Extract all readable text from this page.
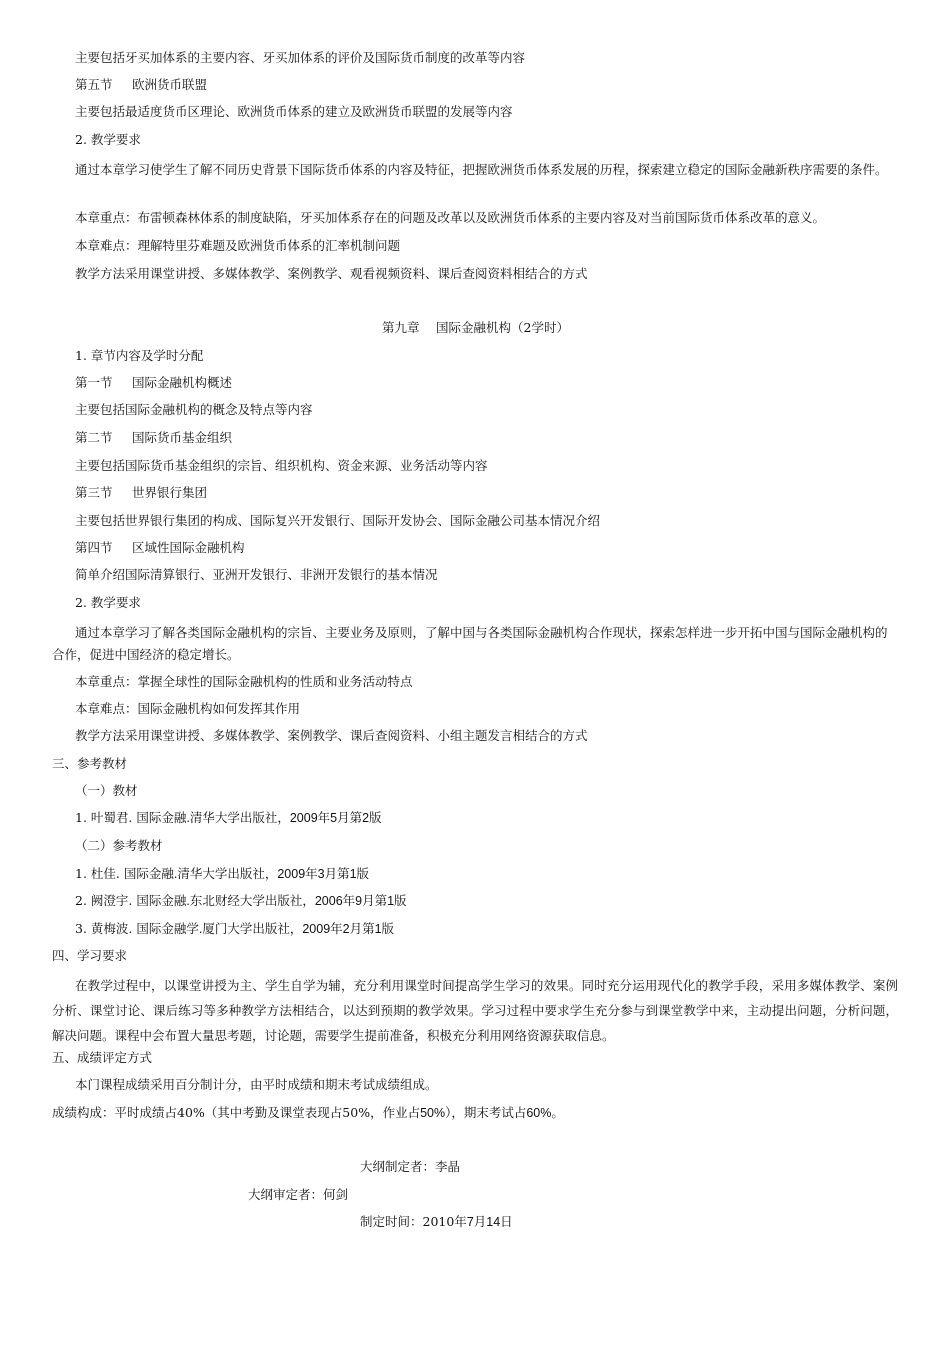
主要包括牙买加体系的主要内容、牙买加体系的评价及国际货币制度的改革等内容
第五节 欧洲货币联盟
主要包括最适度货币区理论、欧洲货币体系的建立及欧洲货币联盟的发展等内容
2. 教学要求
通过本章学习使学生了解不同历史背景下国际货币体系的内容及特征，把握欧洲货币体系发展的历程，探索建立稳定的国际金融新秩序需要的条件。
本章重点：布雷顿森林体系的制度缺陷，牙买加体系存在的问题及改革以及欧洲货币体系的主要内容及对当前国际货币体系改革的意义。
本章难点：理解特里芬难题及欧洲货币体系的汇率机制问题
教学方法采用课堂讲授、多媒体教学、案例教学、观看视频资料、课后查阅资料相结合的方式
第九章　 国际金融机构（2学时）
1. 章节内容及学时分配
第一节 国际金融机构概述
主要包括国际金融机构的概念及特点等内容
第二节 国际货币基金组织
主要包括国际货币基金组织的宗旨、组织机构、资金来源、业务活动等内容
第三节 世界银行集团
主要包括世界银行集团的构成、国际复兴开发银行、国际开发协会、国际金融公司基本情况介绍
第四节 区域性国际金融机构
简单介绍国际清算银行、亚洲开发银行、非洲开发银行的基本情况
2. 教学要求
通过本章学习了解各类国际金融机构的宗旨、主要业务及原则，了解中国与各类国际金融机构合作现状，探索怎样进一步开拓中国与国际金融机构的合作，促进中国经济的稳定增长。
本章重点：掌握全球性的国际金融机构的性质和业务活动特点
本章难点：国际金融机构如何发挥其作用
教学方法采用课堂讲授、多媒体教学、案例教学、课后查阅资料、小组主题发言相结合的方式
三、参考教材
（一）教材
1. 叶蜀君. 国际金融.清华大学出版社，2009年5月第2版
（二）参考教材
1. 杜佳. 国际金融.清华大学出版社，2009年3月第1版
2. 阙澄宇. 国际金融.东北财经大学出版社，2006年9月第1版
3. 黄梅波. 国际金融学.厦门大学出版社，2009年2月第1版
四、学习要求
在教学过程中，以课堂讲授为主、学生自学为辅，充分利用课堂时间提高学生学习的效果。同时充分运用现代化的教学手段，采用多媒体教学、案例分析、课堂讨论、课后练习等多种教学方法相结合，以达到预期的教学效果。学习过程中要求学生充分参与到课堂教学中来，主动提出问题，分析问题，解决问题。课程中会布置大量思考题，讨论题，需要学生提前准备，积极充分利用网络资源获取信息。
五、成绩评定方式
本门课程成绩采用百分制计分，由平时成绩和期末考试成绩组成。
成绩构成：平时成绩占40%（其中考勤及课堂表现占50%，作业占50%），期末考试占60%。
大纲制定者：李晶
大纲审定者：何剑
制定时间：2010年7月14日
